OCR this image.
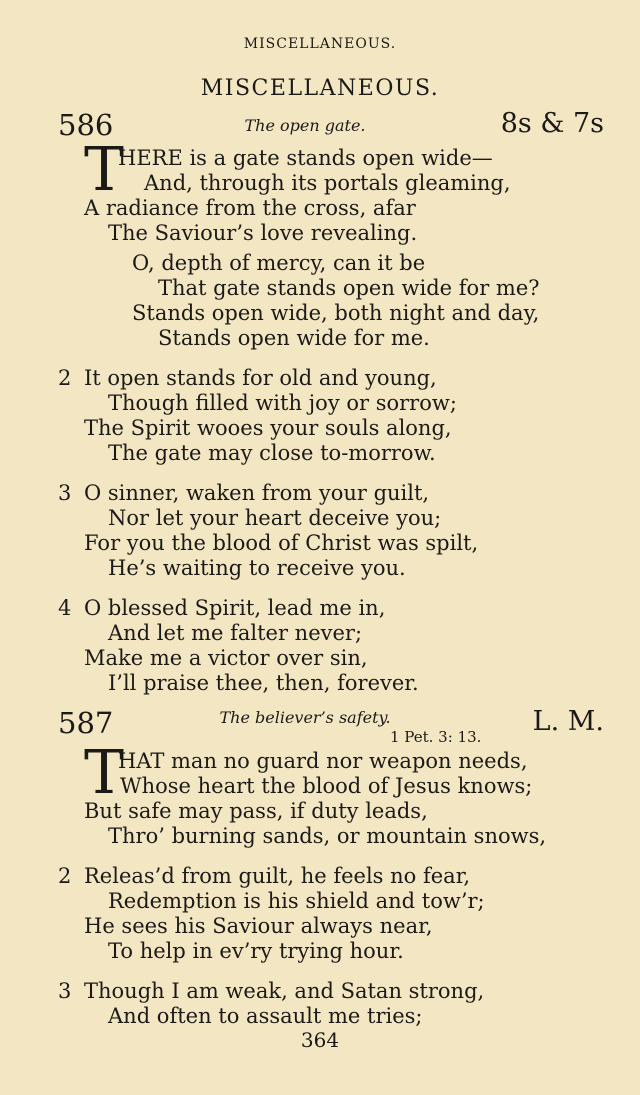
MISCELLANEOUS.
MISCELLANEOUS.
586	The open gate.	8s & 7s
T
HERE is a gate stands open wide—
And, through its portals gleaming,
A radiance from the cross, afar
The Saviour’s love revealing.
O, depth of mercy, can it be
That gate stands open wide for me?
Stands open wide, both night and day,
Stands open wide for me.
2 It open stands for old and young,
Though filled with joy or sorrow;
The Spirit wooes your souls along,
The gate may close to-morrow.
3 O sinner, waken from your guilt,
Nor let your heart deceive you;
For you the blood of Christ was spilt,
He’s waiting to receive you.
4 O blessed Spirit, lead me in,
And let me falter never;
Make me a victor over sin,
I’ll praise thee, then, forever.
587	The believer’s safety.	L. M.
1 Pet. 3: 13.
T
HAT man no guard nor weapon needs,
Whose heart the blood of Jesus knows;
But safe may pass, if duty leads,
Thro’ burning sands, or mountain snows,
2 Releas’d from guilt, he feels no fear,
Redemption is his shield and tow’r;
He sees his Saviour always near,
To help in ev’ry trying hour.
3 Though I am weak, and Satan strong,
And often to assault me tries;
364
